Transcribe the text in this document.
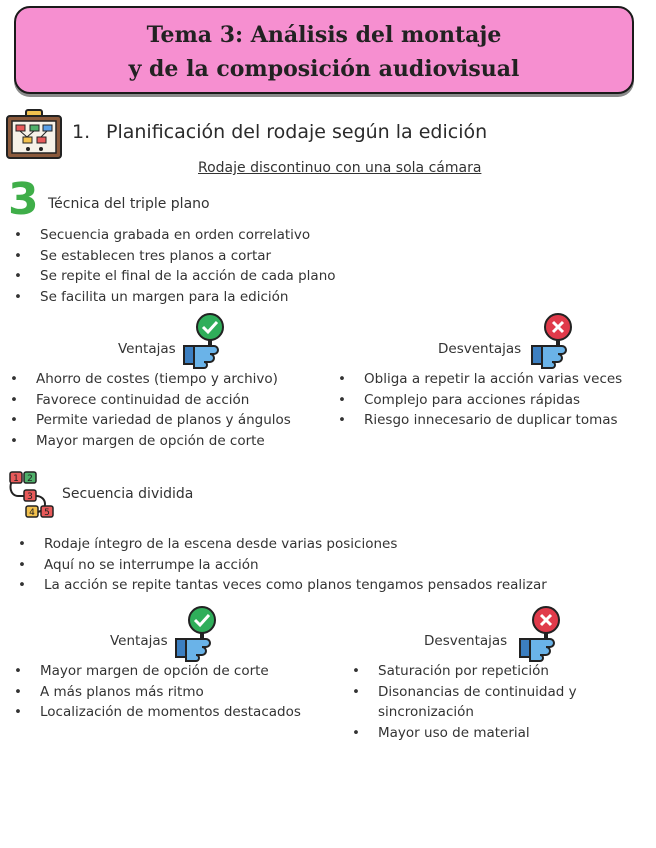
Tema 3: Análisis del montaje
y de la composición audiovisual
1. Planificación del rodaje según la edición
Rodaje discontinuo con una sola cámara
3 Técnica del triple plano
• Secuencia grabada en orden correlativo
• Se establecen tres planos a cortar
• Se repite el final de la acción de cada plano
• Se facilita un margen para la edición
Ventajas	Desventajas
• Ahorro de costes (tiempo y archivo)
• Favorece continuidad de acción
• Permite variedad de planos y ángulos
• Mayor margen de opción de corte
• Obliga a repetir la acción varias veces
• Complejo para acciones rápidas
• Riesgo innecesario de duplicar tomas
1 2
3
4 5
Secuencia dividida
• Rodaje íntegro de la escena desde varias posiciones
• Aquí no se interrumpe la acción
• La acción se repite tantas veces como planos tengamos pensados realizar
Ventajas	Desventajas
• Mayor margen de opción de corte
• A más planos más ritmo
• Localización de momentos destacados
• Saturación por repetición
• Disonancias de continuidad y
sincronización
• Mayor uso de material
